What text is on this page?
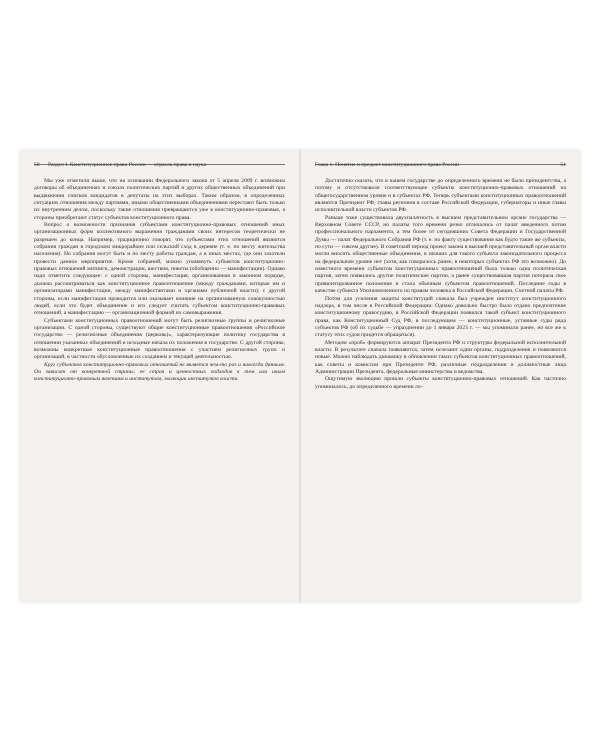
50 Раздел I. Конституционное право России — отрасль права и наука

Мы уже отметили выше, что на основании Федерального закона от 5 апреля 2009 г. возможны договоры об объединениях и союзах политических партий и других общественных объединений при выдвижении списков кандидатов в депутаты на этих выборах. Таким образом, в определенных ситуациях отношения между партиями, иными общественными объединениями перестают быть только их внутренним делом, поскольку такие отношения превращаются уже в конституционно-правовые, а стороны приобретают статус субъектов конституционного права.

Вопрос о возможности признания субъектами конституционно-правовых отношений иных организационных форм коллективного выражения гражданами своих интересов теоретически не разрешен до конца. Например, традиционно говорят, что субъектами этих отношений являются собрания граждан в городском микрорайоне или сельский сход в деревне (т. е. по месту жительства населения). Но собрания могут быть и по месту работы граждан, а в иных местах, где они захотели провести данное мероприятие. Кроме собраний, можно упомянуть субъектов конституционно-правовых отношений митинги, демонстрации, шествия, пикеты (обобщенно — манифестации). Однако надо отметить следующее: с одной стороны, манифестация, организованная в законном порядке, должна рассматриваться как конституционное правоотношение (между гражданами, которые им и организаторами манифестации, между манифестантами и органами публичной власти); с другой стороны, если манифестация проводится или оказывает влияние на организованную совокупностью людей, если это будет объединение и его следует считать субъектом конституционно-правовых отношений, а манифестацию — организационной формой их самовыражения.

Субъектами конституционных правоотношений могут быть религиозные группы и религиозные организации. С одной стороны, существуют общие конституционные правоотношения «Российское государство — религиозные объединения (церковь)», характеризующие политику государства в отношении указанных объединений и исходные начала их положения в государстве. С другой стороны, возможны конкретные конституционные правоотношения с участием религиозных групп и организаций, в частности обусловленные их созданием и текущей деятельностью.

Круг субъектов конституционно-правовых отношений не является чем-то раз и навсегда данным. Он зависит от конкретной страны, ее строя и ценностных подходов к тем или иным конституционно-правовым явлениям и институтам, эволюции институтов власти.

Глава 1. Понятие и предмет конституционного права России	51

Достаточно сказать, что в нашем государстве до определенного времени не было президентства, а потому и отсутствовали соответствующие субъекты конституционно-правовых отношений на общегосударственном уровне и в субъектах РФ. Теперь субъектами конституционных правоотношений являются Президент РФ, главы регионов в составе Российской Федерации, губернаторы и иные главы исполнительной власти субъектов РФ.

Раньше тоже существовала двухпалатность в высшем представительном органе государства — Верховном Совете СССР, но палаты того времени резко отличались от палат введенного потом профессионального парламента, а тем более от сегодняшних Совета Федерации и Государственной Думы — палат Федерального Собрания РФ (т. е. по факту существования как будто такие же субъекты, по сути — совсем другие). В советский период проект закона в высшей представительный орган власти могли вносить общественные объединения, в низших для такого субъекта законодательного процесса на федеральном уровне нет (хотя, как говорилось ранее, в некоторых субъектах РФ это возможно). До известного времени субъектом конституционных правоотношений была только одна политическая партия, затем появились другие политические партии, а ранее существовавшая партия потеряла свое привилегированное положение и стала обычным субъектом правоотношений. Последние годы в качестве субъекта Уполномоченного по правам человека в Российской Федерации, Счетной палаты РФ.

Потом для усиления защиты конституций сначала был учрежден институт конституционного надзора, в том числе в Российской Федерации. Однако довольно быстро было отдано предпочтение конституционному правосудию, в Российской Федерации появился такой субъект конституционного права, как Конституционный Суд РФ, в последующем — конституционные, уставные суды ряда субъектов РФ (об их судьбе — упразднении до 1 января 2023 г. — мы упоминали ранее, но все же к статусу этих судов придется обращаться).

Методом «проб» формируются аппарат Президента РФ и структуры федеральной исполнительной власти. В результате сначала появляются, затем исчезают одни органы, подразделения и появляются новые. Можно наблюдать динамику в обновлении таких субъектов конституционных правоотношений, как советы и комиссии при Президенте РФ, различные подразделения и должностные лица Администрации Президента, федеральные министерства и ведомства.

Ощутимую эволюцию прошли субъекты конституционно-правовых отношений. Как частично упоминалось, до определенного времени ло-
